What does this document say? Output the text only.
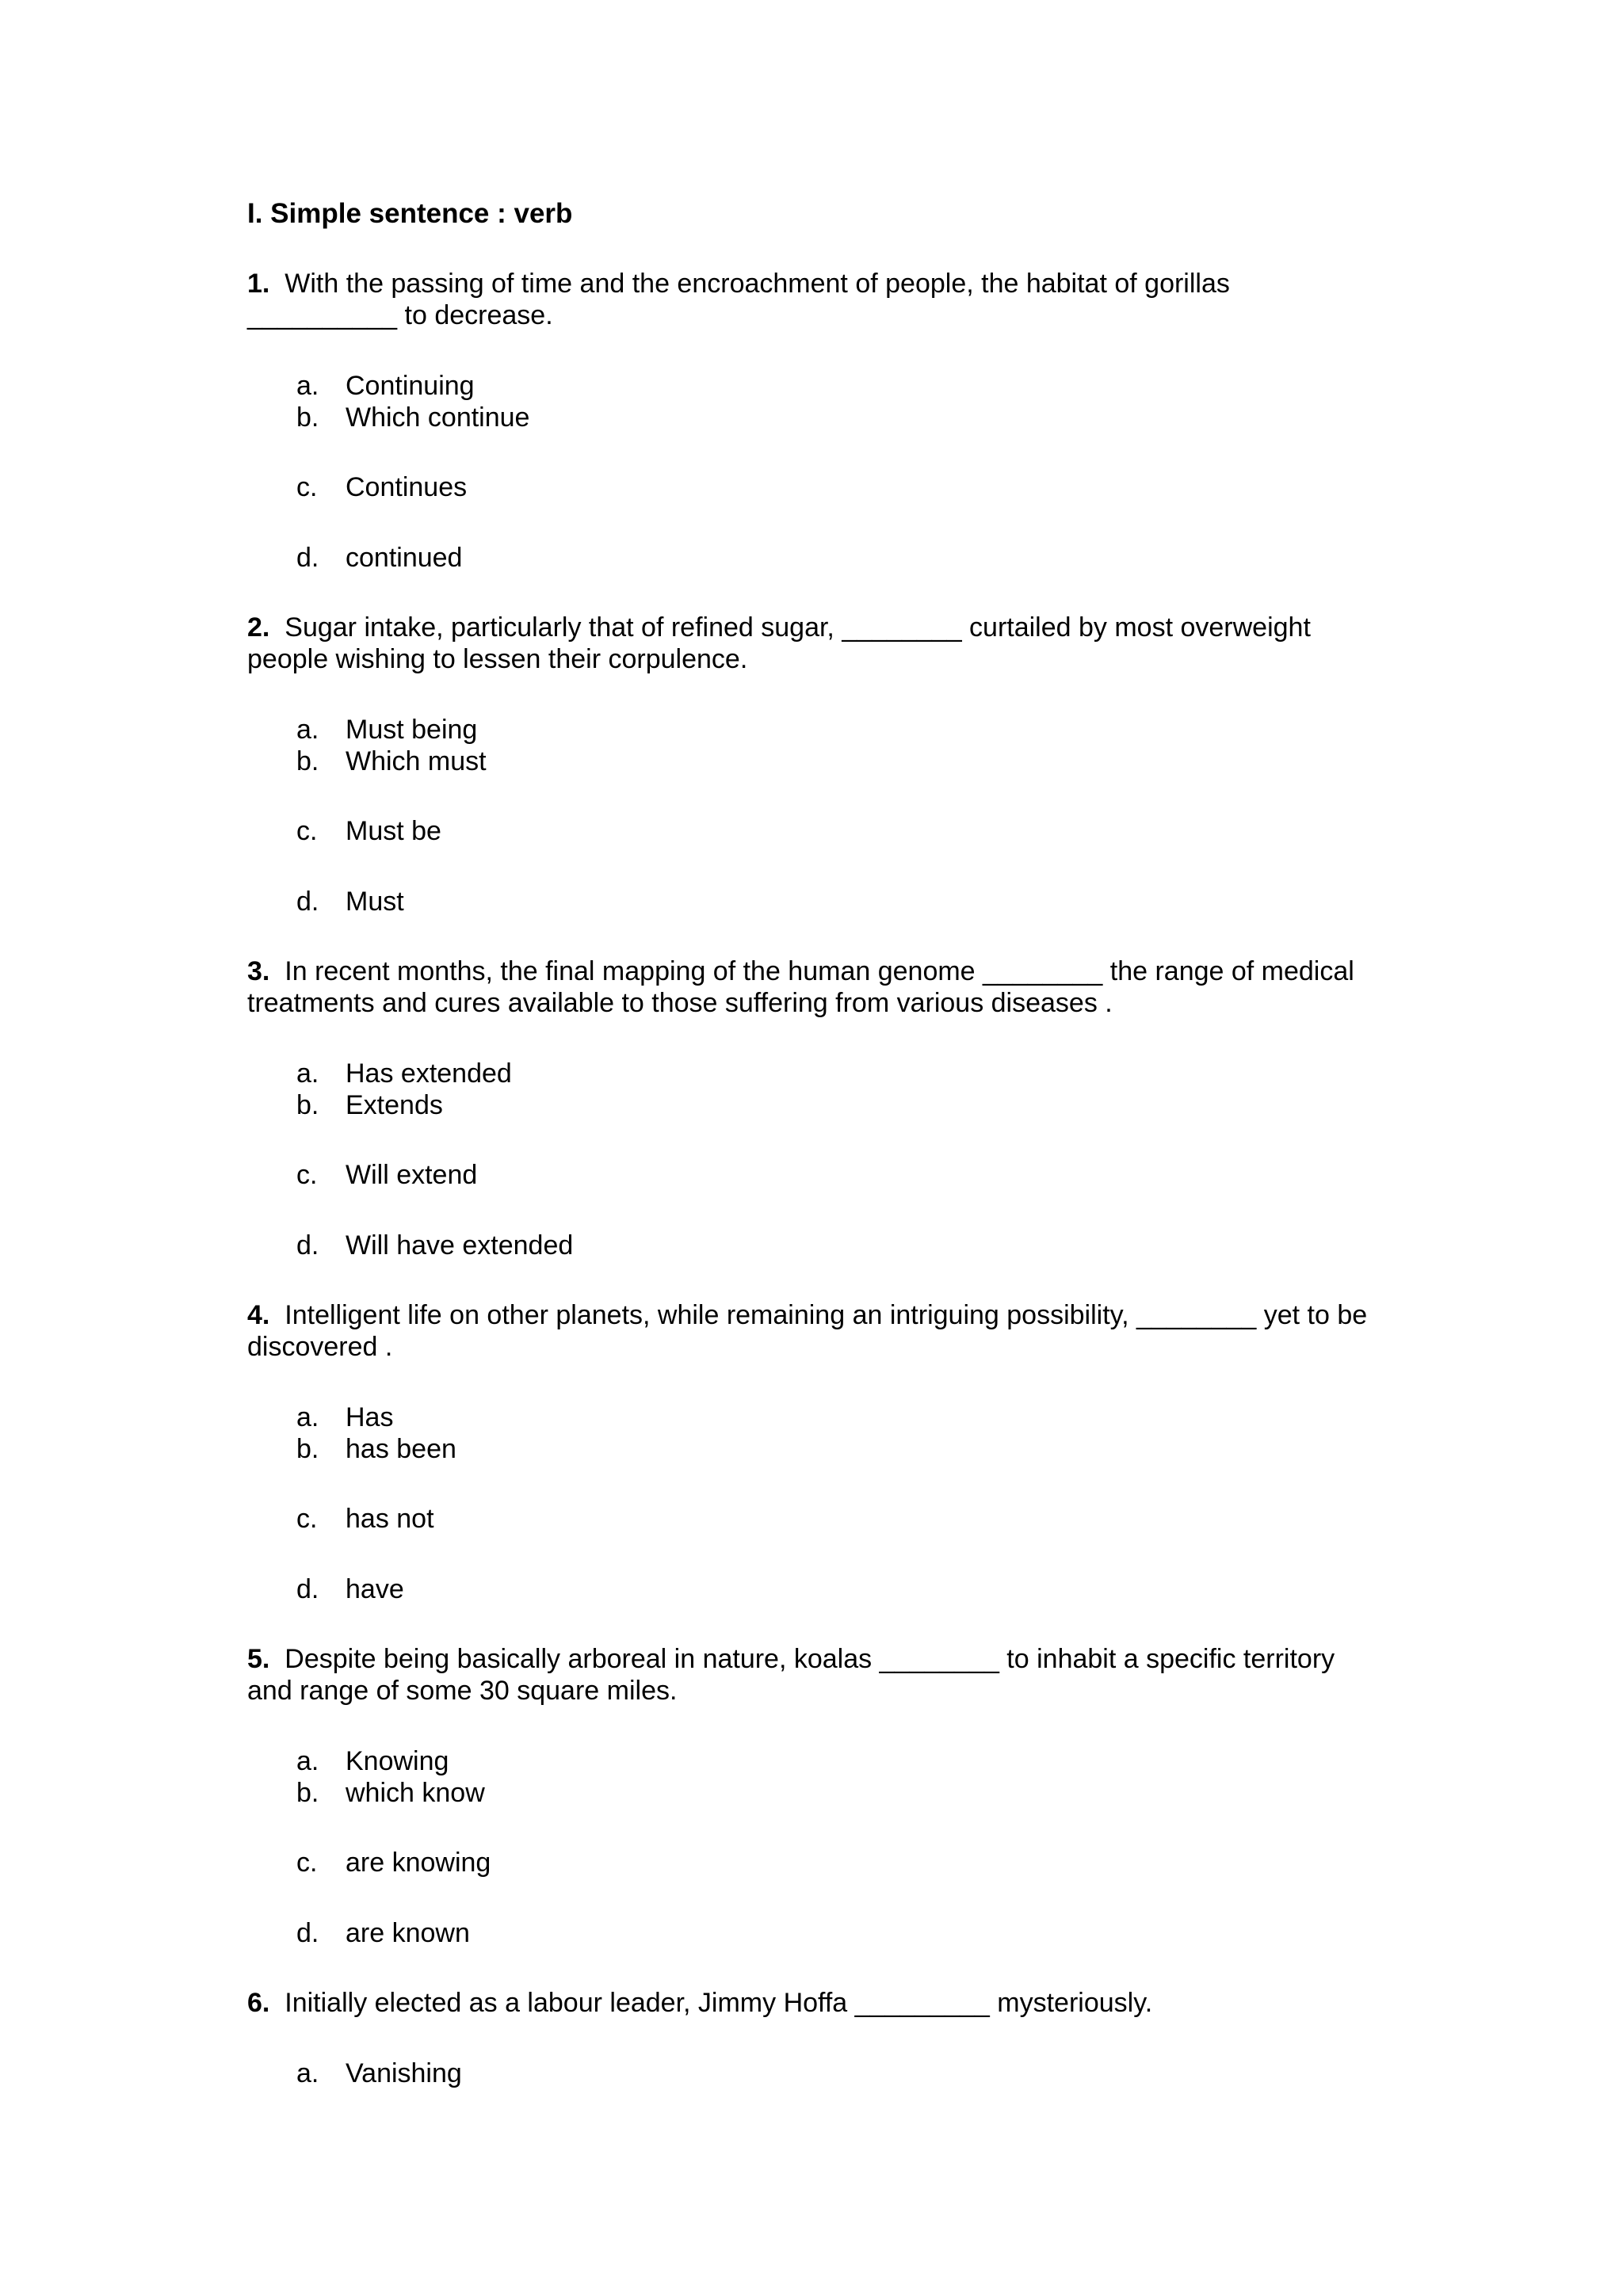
I. Simple sentence : verb
1. With the passing of time and the encroachment of people, the habitat of gorillas __________ to decrease.
a. Continuing
b. Which continue
c. Continues
d. continued
2. Sugar intake, particularly that of refined sugar, ________ curtailed by most overweight people wishing to lessen their corpulence.
a. Must being
b. Which must
c. Must be
d. Must
3. In recent months, the final mapping of the human genome ________ the range of medical treatments and cures available to those suffering from various diseases .
a. Has extended
b. Extends
c. Will extend
d. Will have extended
4. Intelligent life on other planets, while remaining an intriguing possibility, ________ yet to be discovered .
a. Has
b. has been
c. has not
d. have
5. Despite being basically arboreal in nature, koalas ________ to inhabit a specific territory and range of some 30 square miles.
a. Knowing
b. which know
c. are knowing
d. are known
6. Initially elected as a labour leader, Jimmy Hoffa _________ mysteriously.
a. Vanishing
